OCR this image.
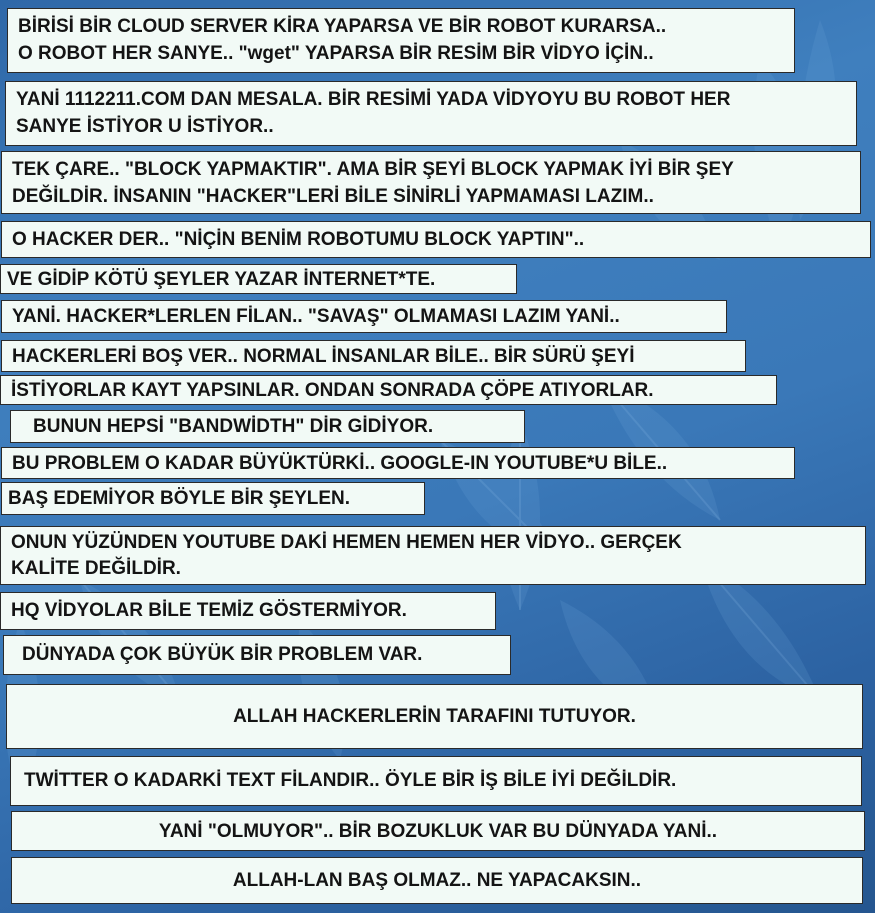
BİRİSİ BİR CLOUD SERVER KİRA YAPARSA VE BİR ROBOT KURARSA..
O ROBOT HER SANYE.. "wget" YAPARSA BİR RESİM BİR VİDYO İÇİN..
YANİ 1112211.COM DAN MESALA. BİR RESİMİ YADA VİDYOYU BU ROBOT HER
SANYE İSTİYOR U İSTİYOR..
TEK ÇARE.. "BLOCK YAPMAKTIR". AMA BİR ŞEYİ BLOCK YAPMAK İYİ BİR ŞEY
DEĞİLDİR. İNSANIN "HACKER"LERİ BİLE SİNİRLİ YAPMAMASI LAZIM..
O HACKER DER.. "NİÇİN BENİM ROBOTUMU BLOCK YAPTIN"..
VE GİDİP KÖTÜ ŞEYLER YAZAR İNTERNET*TE.
YANİ. HACKER*LERLEN FİLAN.. "SAVAŞ" OLMAMASI LAZIM YANİ..
HACKERLERİ BOŞ VER.. NORMAL İNSANLAR BİLE.. BİR SÜRÜ ŞEYİ
İSTİYORLAR KAYT YAPSINLAR. ONDAN SONRADA ÇÖPE ATIYORLAR.
BUNUN HEPSİ "BANDWİDTH" DİR GİDİYOR.
BU PROBLEM O KADAR BÜYÜKTÜRKİ.. GOOGLE-IN YOUTUBE*U BİLE..
BAŞ EDEMİYOR BÖYLE BİR ŞEYLEN.
ONUN YÜZÜNDEN YOUTUBE DAKİ HEMEN HEMEN HER VİDYO.. GERÇEK
KALİTE DEĞİLDİR.
HQ VİDYOLAR BİLE TEMİZ GÖSTERMİYOR.
DÜNYADA ÇOK BÜYÜK BİR PROBLEM VAR.
ALLAH HACKERLERİN TARAFINI TUTUYOR.
TWİTTER O KADARKİ TEXT FİLANDIR.. ÖYLE BİR İŞ BİLE İYİ DEĞİLDİR.
YANİ "OLMUYOR".. BİR BOZUKLUK VAR BU DÜNYADA YANİ..
ALLAH-LAN BAŞ OLMAZ.. NE YAPACAKSIN..
